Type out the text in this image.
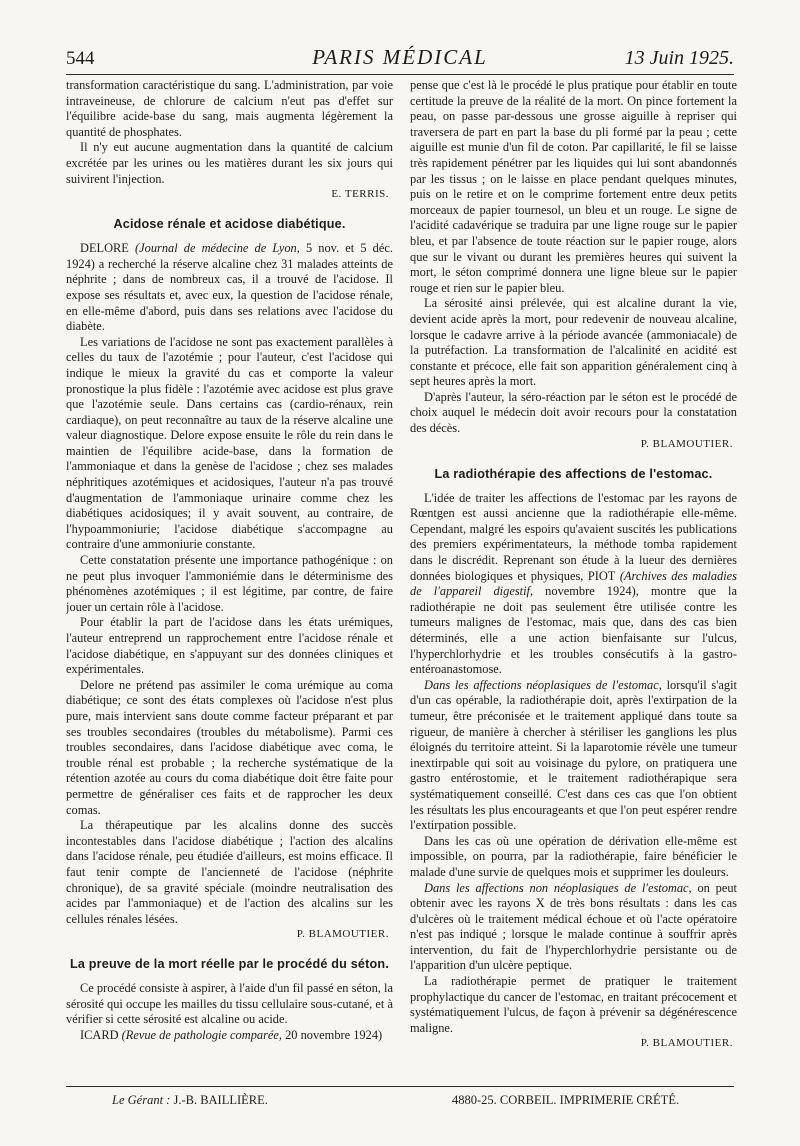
544	PARIS MÉDICAL	13 Juin 1925.

transformation caractéristique du sang. L'administration, par voie intraveineuse, de chlorure de calcium n'eut pas d'effet sur l'équilibre acide-base du sang, mais augmenta légèrement la quantité de phosphates.

Il n'y eut aucune augmentation dans la quantité de calcium excrétée par les urines ou les matières durant les six jours qui suivirent l'injection.

E. TERRIS.
Acidose rénale et acidose diabétique.

DELORE (Journal de médecine de Lyon, 5 nov. et 5 déc. 1924) a recherché la réserve alcaline chez 31 malades atteints de néphrite ; dans de nombreux cas, il a trouvé de l'acidose. Il expose ses résultats et, avec eux, la question de l'acidose rénale, en elle-même d'abord, puis dans ses relations avec l'acidose du diabète.

Les variations de l'acidose ne sont pas exactement parallèles à celles du taux de l'azotémie ; pour l'auteur, c'est l'acidose qui indique le mieux la gravité du cas et comporte la valeur pronostique la plus fidèle : l'azotémie avec acidose est plus grave que l'azotémie seule. Dans certains cas (cardio-rénaux, rein cardiaque), on peut reconnaître au taux de la réserve alcaline une valeur diagnostique. Delore expose ensuite le rôle du rein dans le maintien de l'équilibre acide-base, dans la formation de l'ammoniaque et dans la genèse de l'acidose ; chez ses malades néphritiques azotémiques et acidosiques, l'auteur n'a pas trouvé d'augmentation de l'ammoniaque urinaire comme chez les diabétiques acidosiques; il y avait souvent, au contraire, de l'hypoammoniurie; l'acidose diabétique s'accompagne au contraire d'une ammoniurie constante.

Cette constatation présente une importance pathogénique : on ne peut plus invoquer l'ammoniémie dans le déterminisme des phénomènes azotémiques ; il est légitime, par contre, de faire jouer un certain rôle à l'acidose.

Pour établir la part de l'acidose dans les états urémiques, l'auteur entreprend un rapprochement entre l'acidose rénale et l'acidose diabétique, en s'appuyant sur des données cliniques et expérimentales.

Delore ne prétend pas assimiler le coma urémique au coma diabétique; ce sont des états complexes où l'acidose n'est plus pure, mais intervient sans doute comme facteur préparant et par ses troubles secondaires (troubles du métabolisme). Parmi ces troubles secondaires, dans l'acidose diabétique avec coma, le trouble rénal est probable ; la recherche systématique de la rétention azotée au cours du coma diabétique doit être faite pour permettre de généraliser ces faits et de rapprocher les deux comas.

La thérapeutique par les alcalins donne des succès incontestables dans l'acidose diabétique ; l'action des alcalins dans l'acidose rénale, peu étudiée d'ailleurs, est moins efficace. Il faut tenir compte de l'ancienneté de l'acidose (néphrite chronique), de sa gravité spéciale (moindre neutralisation des acides par l'ammoniaque) et de l'action des alcalins sur les cellules rénales lésées.

P. BLAMOUTIER.
La preuve de la mort réelle par le procédé du séton.

Ce procédé consiste à aspirer, à l'aide d'un fil passé en séton, la sérosité qui occupe les mailles du tissu cellulaire sous-cutané, et à vérifier si cette sérosité est alcaline ou acide.

ICARD (Revue de pathologie comparée, 20 novembre 1924)

pense que c'est là le procédé le plus pratique pour établir en toute certitude la preuve de la réalité de la mort. On pince fortement la peau, on passe par-dessous une grosse aiguille à repriser qui traversera de part en part la base du pli formé par la peau ; cette aiguille est munie d'un fil de coton. Par capillarité, le fil se laisse très rapidement pénétrer par les liquides qui lui sont abandonnés par les tissus ; on le laisse en place pendant quelques minutes, puis on le retire et on le comprime fortement entre deux petits morceaux de papier tournesol, un bleu et un rouge. Le signe de l'acidité cadavérique se traduira par une ligne rouge sur le papier bleu, et par l'absence de toute réaction sur le papier rouge, alors que sur le vivant ou durant les premières heures qui suivent la mort, le séton comprimé donnera une ligne bleue sur le papier rouge et rien sur le papier bleu.

La sérosité ainsi prélevée, qui est alcaline durant la vie, devient acide après la mort, pour redevenir de nouveau alcaline, lorsque le cadavre arrive à la période avancée (ammoniacale) de la putréfaction. La transformation de l'alcalinité en acidité est constante et précoce, elle fait son apparition généralement cinq à sept heures après la mort.

D'après l'auteur, la séro-réaction par le séton est le procédé de choix auquel le médecin doit avoir recours pour la constatation des décès.

P. BLAMOUTIER.
La radiothérapie des affections de l'estomac.

L'idée de traiter les affections de l'estomac par les rayons de Rœntgen est aussi ancienne que la radiothérapie elle-même. Cependant, malgré les espoirs qu'avaient suscités les publications des premiers expérimentateurs, la méthode tomba rapidement dans le discrédit. Reprenant son étude à la lueur des dernières données biologiques et physiques, PIOT (Archives des maladies de l'appareil digestif, novembre 1924), montre que la radiothérapie ne doit pas seulement être utilisée contre les tumeurs malignes de l'estomac, mais que, dans des cas bien déterminés, elle a une action bienfaisante sur l'ulcus, l'hyperchlorhydrie et les troubles consécutifs à la gastro-entéroanastomose.

Dans les affections néoplasiques de l'estomac, lorsqu'il s'agit d'un cas opérable, la radiothérapie doit, après l'extirpation de la tumeur, être préconisée et le traitement appliqué dans toute sa rigueur, de manière à chercher à stériliser les ganglions les plus éloignés du territoire atteint. Si la laparotomie révèle une tumeur inextirpable qui soit au voisinage du pylore, on pratiquera une gastro entérostomie, et le traitement radiothérapique sera systématiquement conseillé. C'est dans ces cas que l'on obtient les résultats les plus encourageants et que l'on peut espérer rendre l'extirpation possible.

Dans les cas où une opération de dérivation elle-même est impossible, on pourra, par la radiothérapie, faire bénéficier le malade d'une survie de quelques mois et supprimer les douleurs.

Dans les affections non néoplasiques de l'estomac, on peut obtenir avec les rayons X de très bons résultats : dans les cas d'ulcères où le traitement médical échoue et où l'acte opératoire n'est pas indiqué ; lorsque le malade continue à souffrir après intervention, du fait de l'hyperchlorhydrie persistante ou de l'apparition d'un ulcère peptique.

La radiothérapie permet de pratiquer le traitement prophylactique du cancer de l'estomac, en traitant précocement et systématiquement l'ulcus, de façon à prévenir sa dégénérescence maligne.

P. BLAMOUTIER.
Le Gérant : J.-B. BAILLIÈRE.	4880-25. CORBEIL. IMPRIMERIE CRÉTÉ.
